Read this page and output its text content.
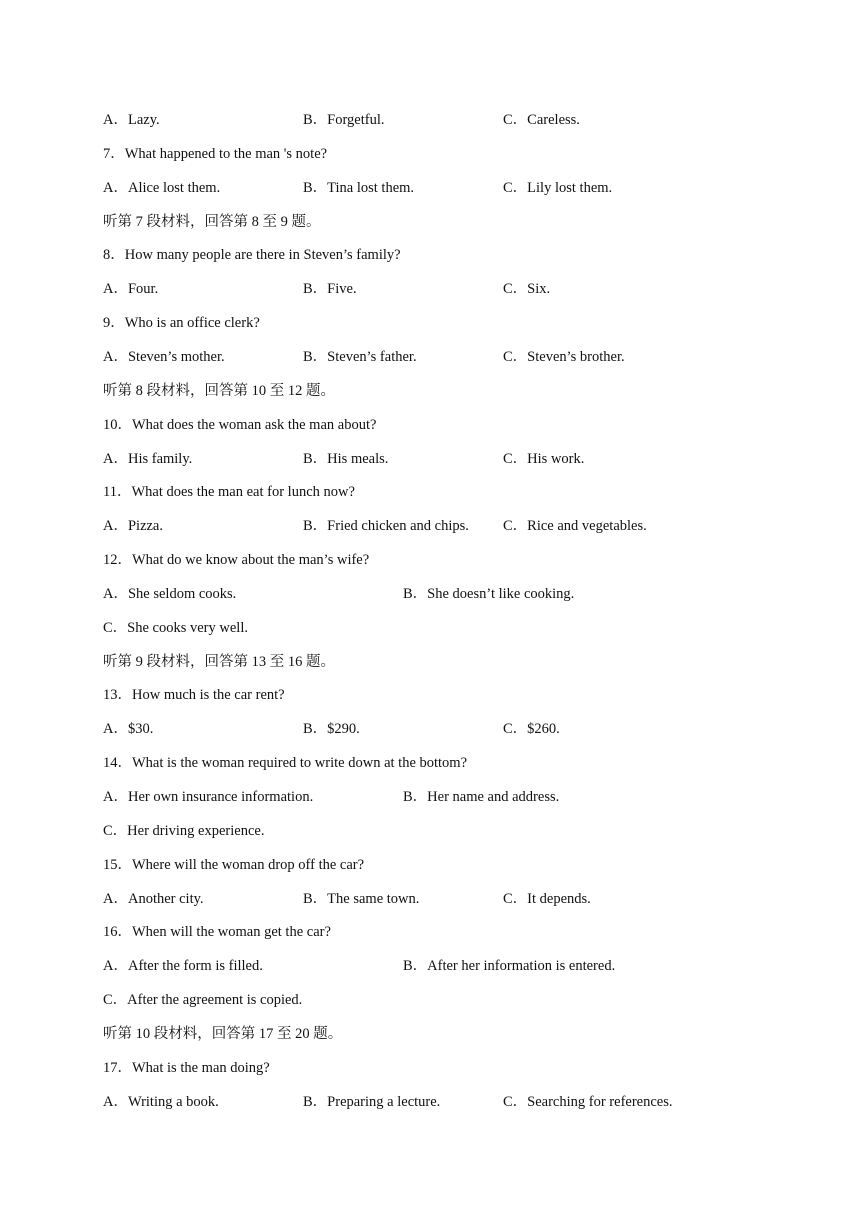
A．Lazy.	B．Forgetful.	C．Careless.
7．What happened to the man 's note?
A．Alice lost them.	B．Tina lost them.	C．Lily lost them.
听第 7 段材料，回答第 8 至 9 题。
8．How many people are there in Steven’s family?
A．Four.	B．Five.	C．Six.
9．Who is an office clerk?
A．Steven’s mother.	B．Steven’s father.	C．Steven’s brother.
听第 8 段材料，回答第 10 至 12 题。
10．What does the woman ask the man about?
A．His family.	B．His meals.	C．His work.
11．What does the man eat for lunch now?
A．Pizza.	B．Fried chicken and chips. C．Rice and vegetables.
12．What do we know about the man’s wife?
A．She seldom cooks.	B．She doesn’t like cooking.
C．She cooks very well.
听第 9 段材料，回答第 13 至 16 题。
13．How much is the car rent?
A．$30.	B．$290.	C．$260.
14．What is the woman required to write down at the bottom?
A．Her own insurance information.	B．Her name and address.
C．Her driving experience.
15．Where will the woman drop off the car?
A．Another city.	B．The same town.	C．It depends.
16．When will the woman get the car?
A．After the form is filled.	B．After her information is entered.
C．After the agreement is copied.
听第 10 段材料，回答第 17 至 20 题。
17．What is the man doing?
A．Writing a book.	B．Preparing a lecture.	C．Searching for references.
